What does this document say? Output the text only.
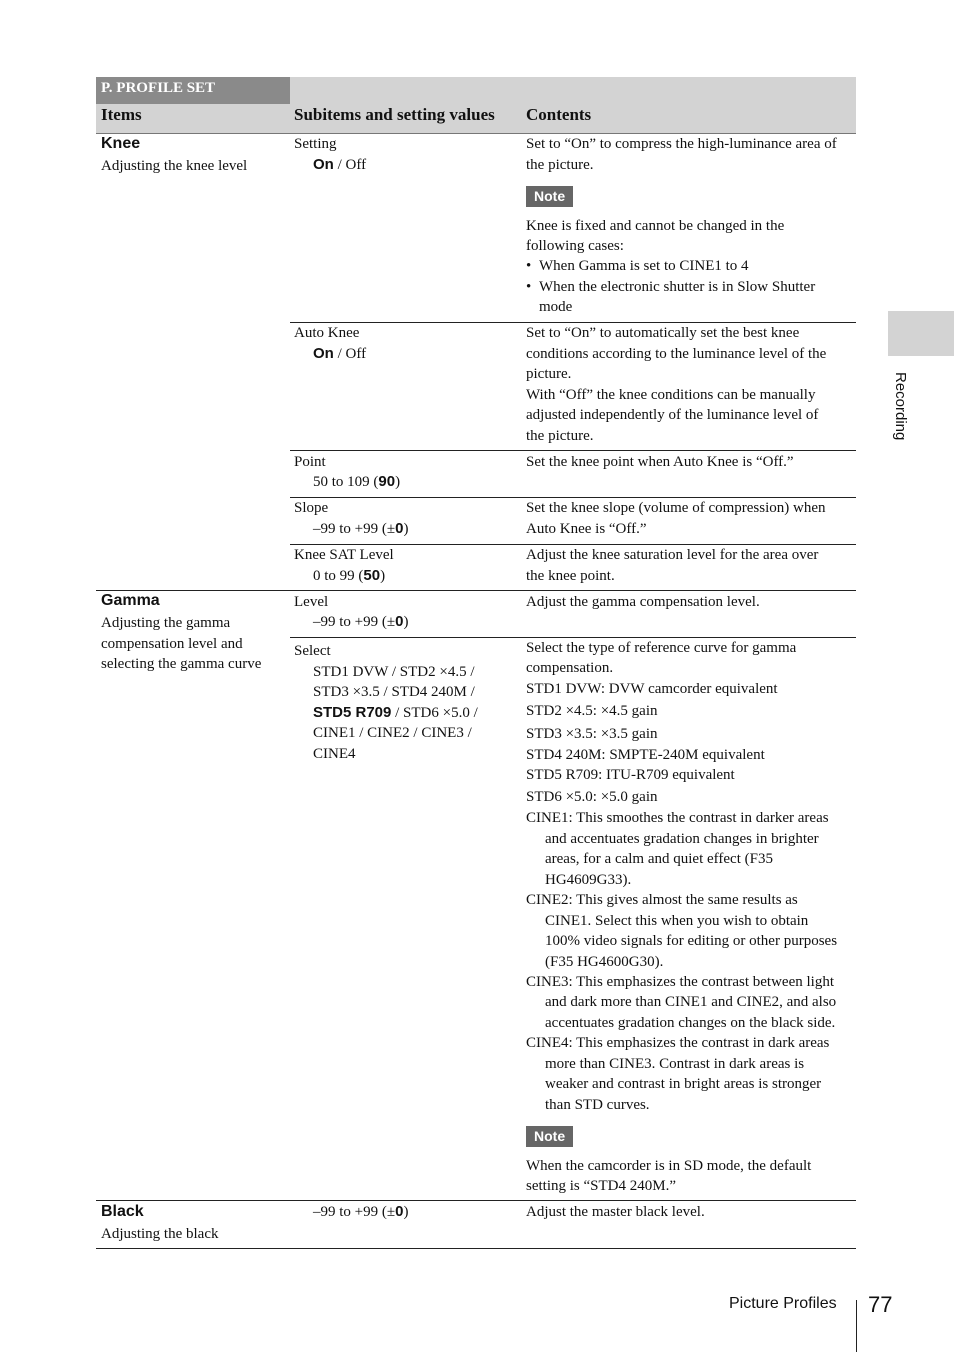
P. PROFILE SET
Items	Subitems and setting values Contents
Knee
Adjusting the knee level
Setting
On / Off
Set to “On” to compress the high-luminance area of
the picture.
Note
Knee is fixed and cannot be changed in the
following cases:
• When Gamma is set to CINE1 to 4
• When the electronic shutter is in Slow Shutter
mode
Auto Knee
On / Off
Set to “On” to automatically set the best knee
conditions according to the luminance level of the
picture.
With “Off” the knee conditions can be manually
adjusted independently of the luminance level of
the picture.
Point
50 to 109 (90)
Set the knee point when Auto Knee is “Off.”
Slope
–99 to +99 (±0)
Set the knee slope (volume of compression) when
Auto Knee is “Off.”
Knee SAT Level
0 to 99 (50)
Adjust the knee saturation level for the area over
the knee point.
Gamma
Adjusting the gamma
compensation level and
selecting the gamma curve
Level
–99 to +99 (±0)
Adjust the gamma compensation level.
Select
STD1 DVW / STD2 ×4.5 /
STD3 ×3.5 / STD4 240M /
STD5 R709 / STD6 ×5.0 /
CINE1 / CINE2 / CINE3 /
CINE4
Select the type of reference curve for gamma
compensation.
STD1 DVW: DVW camcorder equivalent
STD2 ×4.5: ×4.5 gain
STD3 ×3.5: ×3.5 gain
STD4 240M: SMPTE-240M equivalent
STD5 R709: ITU-R709 equivalent
STD6 ×5.0: ×5.0 gain
CINE1: This smoothes the contrast in darker areas
and accentuates gradation changes in brighter
areas, for a calm and quiet effect (F35
HG4609G33).
CINE2: This gives almost the same results as
CINE1. Select this when you wish to obtain
100% video signals for editing or other purposes
(F35 HG4600G30).
CINE3: This emphasizes the contrast between light
and dark more than CINE1 and CINE2, and also
accentuates gradation changes on the black side.
CINE4: This emphasizes the contrast in dark areas
more than CINE3. Contrast in dark areas is
weaker and contrast in bright areas is stronger
than STD curves.
Note
When the camcorder is in SD mode, the default
setting is “STD4 240M.”
Black
Adjusting the black
–99 to +99 (±0)	Adjust the master black level.
Recording
Picture Profiles 77
